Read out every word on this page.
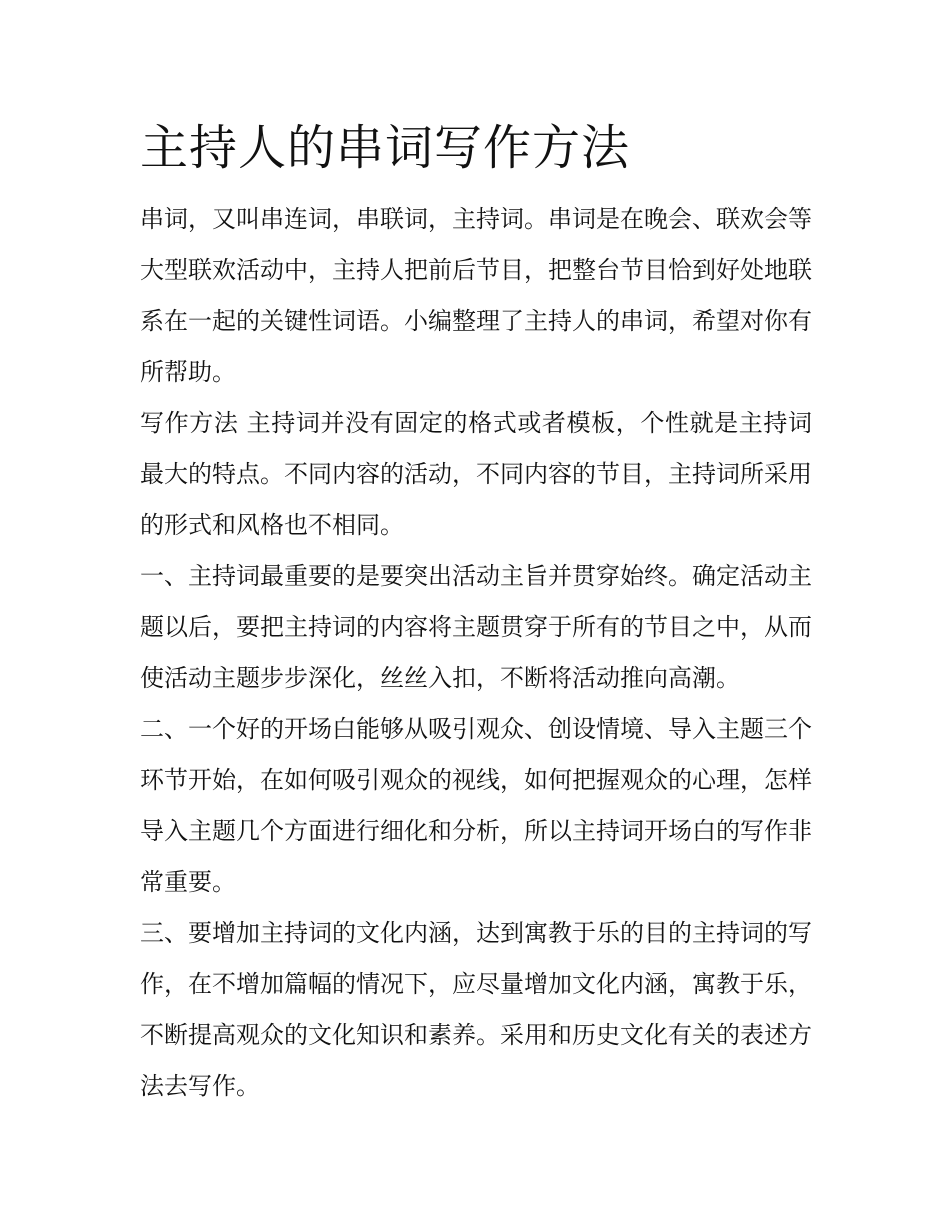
主持人的串词写作方法

串词，又叫串连词，串联词，主持词。串词是在晚会、联欢会等大型联欢活动中，主持人把前后节目，把整台节目恰到好处地联系在一起的关键性词语。小编整理了主持人的串词，希望对你有所帮助。

写作方法 主持词并没有固定的格式或者模板，个性就是主持词最大的特点。不同内容的活动，不同内容的节目，主持词所采用的形式和风格也不相同。

一、主持词最重要的是要突出活动主旨并贯穿始终。确定活动主题以后，要把主持词的内容将主题贯穿于所有的节目之中，从而使活动主题步步深化，丝丝入扣，不断将活动推向高潮。

二、一个好的开场白能够从吸引观众、创设情境、导入主题三个环节开始，在如何吸引观众的视线，如何把握观众的心理，怎样导入主题几个方面进行细化和分析，所以主持词开场白的写作非常重要。

三、要增加主持词的文化内涵，达到寓教于乐的目的主持词的写作，在不增加篇幅的情况下，应尽量增加文化内涵，寓教于乐，不断提高观众的文化知识和素养。采用和历史文化有关的表述方法去写作。
